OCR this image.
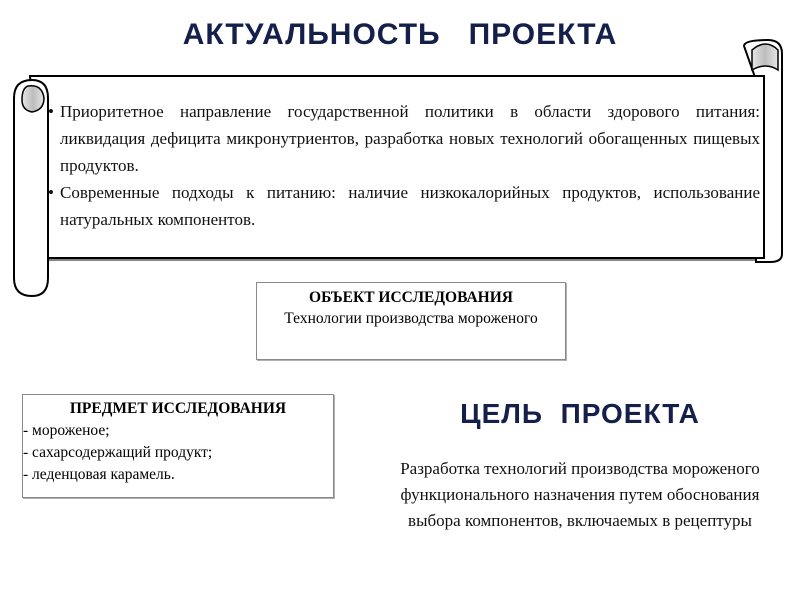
АКТУАЛЬНОСТЬ   ПРОЕКТА
• Приоритетное направление государственной политики в области здорового питания: ликвидация дефицита микронутриентов, разработка новых технологий обогащенных пищевых продуктов.
• Современные подходы к питанию: наличие низкокалорийных продуктов, использование натуральных компонентов.
ОБЪЕКТ ИССЛЕДОВАНИЯ
Технологии производства мороженого
ПРЕДМЕТ ИССЛЕДОВАНИЯ
- мороженое;
- сахарсодержащий продукт;
- леденцовая карамель.
ЦЕЛЬ  ПРОЕКТА
Разработка технологий производства мороженого функционального назначения путем обоснования выбора компонентов, включаемых в рецептуры
